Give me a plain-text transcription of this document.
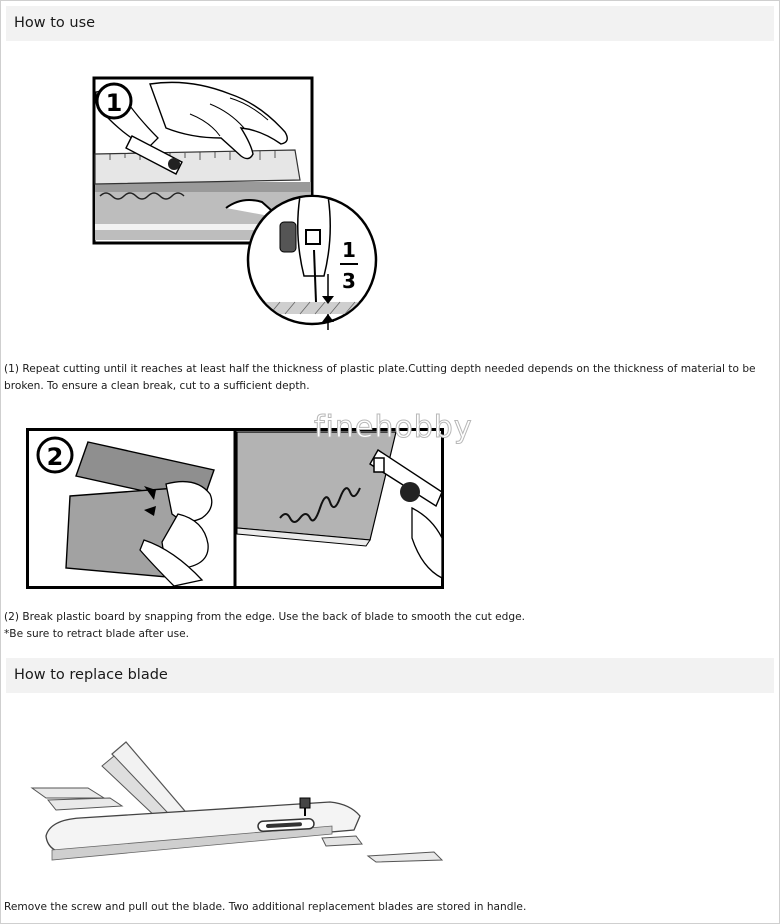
How to use
1
1
3
(1) Repeat cutting until it reaches at least half the thickness of plastic plate.Cutting depth needed depends on the thickness of material to be broken. To ensure a clean break, cut to a sufficient depth.
2
finehobby
(2) Break plastic board by snapping from the edge. Use the back of blade to smooth the cut edge.
*Be sure to retract blade after use.
How to replace blade
Remove the screw and pull out the blade. Two additional replacement blades are stored in handle.
